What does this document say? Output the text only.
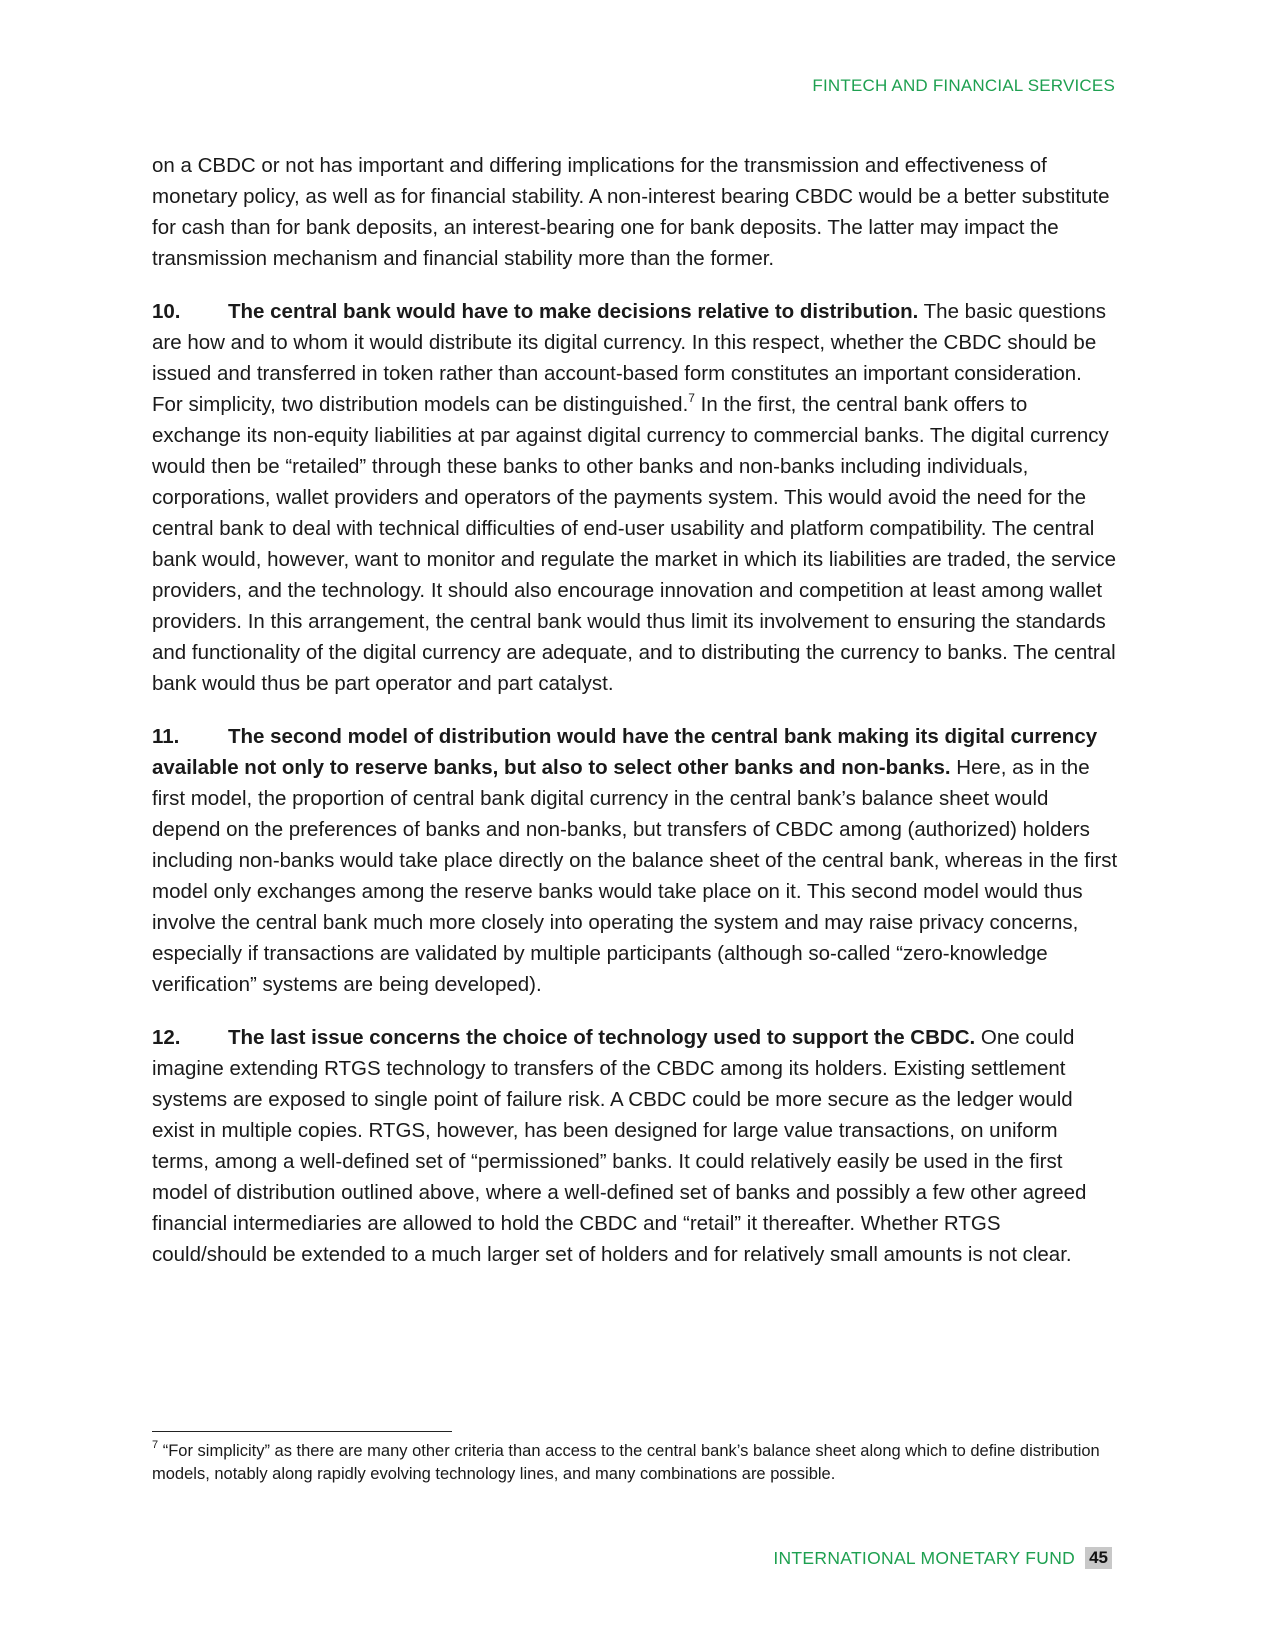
FINTECH AND FINANCIAL SERVICES

on a CBDC or not has important and differing implications for the transmission and effectiveness of monetary policy, as well as for financial stability. A non-interest bearing CBDC would be a better substitute for cash than for bank deposits, an interest-bearing one for bank deposits. The latter may impact the transmission mechanism and financial stability more than the former.

10. The central bank would have to make decisions relative to distribution. The basic questions are how and to whom it would distribute its digital currency. In this respect, whether the CBDC should be issued and transferred in token rather than account-based form constitutes an important consideration. For simplicity, two distribution models can be distinguished.$^7$ In the first, the central bank offers to exchange its non-equity liabilities at par against digital currency to commercial banks. The digital currency would then be “retailed” through these banks to other banks and non-banks including individuals, corporations, wallet providers and operators of the payments system. This would avoid the need for the central bank to deal with technical difficulties of end-user usability and platform compatibility. The central bank would, however, want to monitor and regulate the market in which its liabilities are traded, the service providers, and the technology. It should also encourage innovation and competition at least among wallet providers. In this arrangement, the central bank would thus limit its involvement to ensuring the standards and functionality of the digital currency are adequate, and to distributing the currency to banks. The central bank would thus be part operator and part catalyst.

11. The second model of distribution would have the central bank making its digital currency available not only to reserve banks, but also to select other banks and non-banks. Here, as in the first model, the proportion of central bank digital currency in the central bank’s balance sheet would depend on the preferences of banks and non-banks, but transfers of CBDC among (authorized) holders including non-banks would take place directly on the balance sheet of the central bank, whereas in the first model only exchanges among the reserve banks would take place on it. This second model would thus involve the central bank much more closely into operating the system and may raise privacy concerns, especially if transactions are validated by multiple participants (although so-called “zero-knowledge verification” systems are being developed).

12. The last issue concerns the choice of technology used to support the CBDC. One could imagine extending RTGS technology to transfers of the CBDC among its holders. Existing settlement systems are exposed to single point of failure risk. A CBDC could be more secure as the ledger would exist in multiple copies. RTGS, however, has been designed for large value transactions, on uniform terms, among a well-defined set of “permissioned” banks. It could relatively easily be used in the first model of distribution outlined above, where a well-defined set of banks and possibly a few other agreed financial intermediaries are allowed to hold the CBDC and “retail” it thereafter. Whether RTGS could/should be extended to a much larger set of holders and for relatively small amounts is not clear.

$^7$ “For simplicity” as there are many other criteria than access to the central bank’s balance sheet along which to define distribution models, notably along rapidly evolving technology lines, and many combinations are possible.
INTERNATIONAL MONETARY FUND 45
